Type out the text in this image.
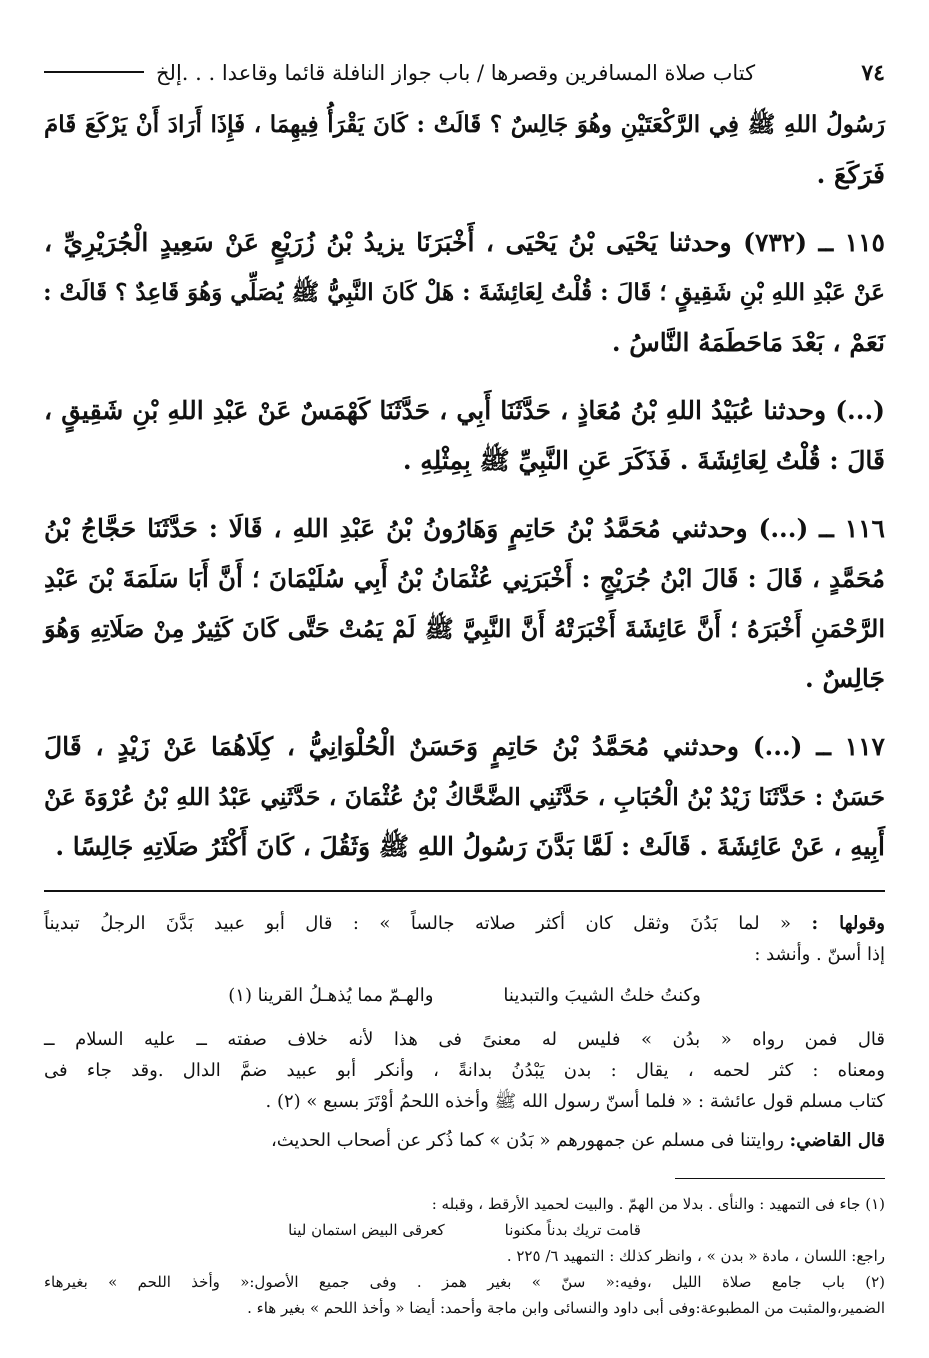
٧٤
كتاب صلاة المسافرين وقصرها / باب جواز النافلة قائما وقاعدا . . .إلخ
رَسُولُ اللهِ ﷺ فِي الرَّكْعَتَيْنِ وهُوَ جَالِسٌ ؟ قَالَتْ : كَانَ يَقْرَأُ فِيهِمَا ، فَإِذَا أَرَادَ أَنْ يَرْكَعَ قَامَ
فَرَكَعَ .
١١٥ ــ (٧٣٢) وحدثنا يَحْيَى بْنُ يَحْيَى ، أَخْبَرَنَا يزيدُ بْنُ زُرَيْعٍ عَنْ سَعِيدٍ الْجُرَيْرِيِّ ،
عَنْ عَبْدِ اللهِ بْنِ شَقِيقٍ ؛ قَالَ : قُلْتُ لِعَائِشَةَ : هَلْ كَانَ النَّبِيُّ ﷺ يُصَلِّي وَهُوَ قَاعِدٌ ؟ قَالَتْ :
نَعَمْ ، بَعْدَ مَاحَطَمَهُ النَّاسُ .
(...) وحدثنا عُبَيْدُ اللهِ بْنُ مُعَاذٍ ، حَدَّثَنَا أَبِي ، حَدَّثَنَا كَهْمَسٌ عَنْ عَبْدِ اللهِ بْنِ شَقِيقٍ ،
قَالَ : قُلْتُ لِعَائِشَةَ . فَذَكَرَ عَنِ النَّبِيِّ ﷺ بِمِثْلِهِ .
١١٦ ــ (...) وحدثني مُحَمَّدُ بْنُ حَاتِمٍ وَهَارُونُ بْنُ عَبْدِ اللهِ ، قَالَا : حَدَّثَنَا حَجَّاجُ بْنُ
مُحَمَّدٍ ، قَالَ : قَالَ ابْنُ جُرَيْجٍ : أَخْبَرَنِي عُثْمَانُ بْنُ أَبِي سُلَيْمَانَ ؛ أَنَّ أَبَا سَلَمَةَ بْنَ عَبْدِ
الرَّحْمَنِ أَخْبَرَهُ ؛ أَنَّ عَائِشَةَ أَخْبَرَتْهُ أَنَّ النَّبِيَّ ﷺ لَمْ يَمُتْ حَتَّى كَانَ كَثِيرٌ مِنْ صَلَاتِهِ وَهُوَ
جَالِسٌ .
١١٧ ــ (...) وحدثني مُحَمَّدُ بْنُ حَاتِمٍ وَحَسَنٌ الْحُلْوَانِيُّ ، كِلَاهُمَا عَنْ زَيْدٍ ، قَالَ
حَسَنٌ : حَدَّثَنَا زَيْدُ بْنُ الْحُبَابِ ، حَدَّثَنِي الضَّحَّاكُ بْنُ عُثْمَانَ ، حَدَّثَنِي عَبْدُ اللهِ بْنُ عُرْوَةَ عَنْ
أَبِيهِ ، عَنْ عَائِشَةَ . قَالَتْ : لَمَّا بَدَّنَ رَسُولُ اللهِ ﷺ وَثَقُلَ ، كَانَ أَكْثَرُ صَلَاتِهِ جَالِسًا .
وقولها : « لما بَدُنَ وثقل كان أكثر صلاته جالساً » : قال أبو عبيد بَدَّنَ الرجلُ تبديناً
إذا أسنّ . وأنشد :
وكنتُ خلتُ الشيبَ والتبدينا
والهـمّ مما يُذهـلُ القرينا (١)
قال فمن رواه « بدُن » فليس له معنىً فى هذا لأنه خلاف صفته ــ عليه السلام ــ
ومعناه : كثر لحمه ، يقال : بدن يَبْدُنُ بدانةً ، وأنكر أبو عبيد ضمَّ الدال .وقد جاء فى
كتاب مسلم قول عائشة : « فلما أسنّ رسول الله ﷺ وأخذه اللحمُ أوْتَرَ بسبع » (٢) .
قال القاضي: روايتنا فى مسلم عن جمهورهم « بَدُن » كما ذُكر عن أصحاب الحديث،
(١) جاء فى التمهيد : والنأى . بدلا من الهمّ . والبيت لحميد الأرقط ، وقبله :
قامت تريك بدناً مكنونا
كعرقى البيض استمان لينا
راجع: اللسان ، مادة « بدن » ، وانظر كذلك : التمهيد ٦/ ٢٢٥ .
(٢) باب جامع صلاة الليل ،وفيه:« سنّ » بغير همز . وفى جميع الأصول:« وأخذ اللحم » بغيرهاء
الضمير،والمثبت من المطبوعة:وفى أبى داود والنسائى وابن ماجة وأحمد: أيضا « وأخذ اللحم » بغير هاء .
